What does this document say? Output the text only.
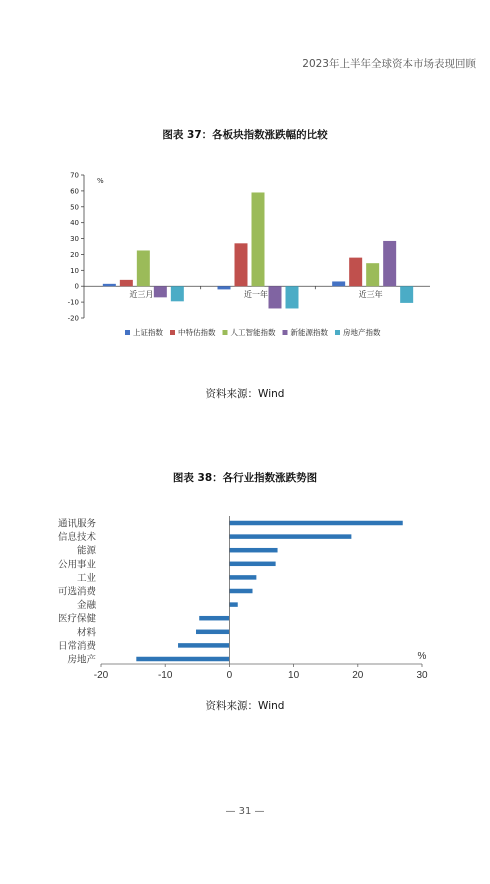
2023年上半年全球资本市场表现回顾
图表 37：各板块指数涨跌幅的比较
-20
-10
0
10
20
30
40
50
60
70
%
近三月	近一年	近三年
上证指数 中特估指数 人工智能指数 新能源指数 房地产指数
资料来源：Wind
图表 38：各行业指数涨跌势图
通讯服务
信息技术
能源
公用事业
工业
可选消费
金融
医疗保健
材料
日常消费
房地产
-20	-10	0	10	20	30
%
资料来源：Wind
— 31 —
